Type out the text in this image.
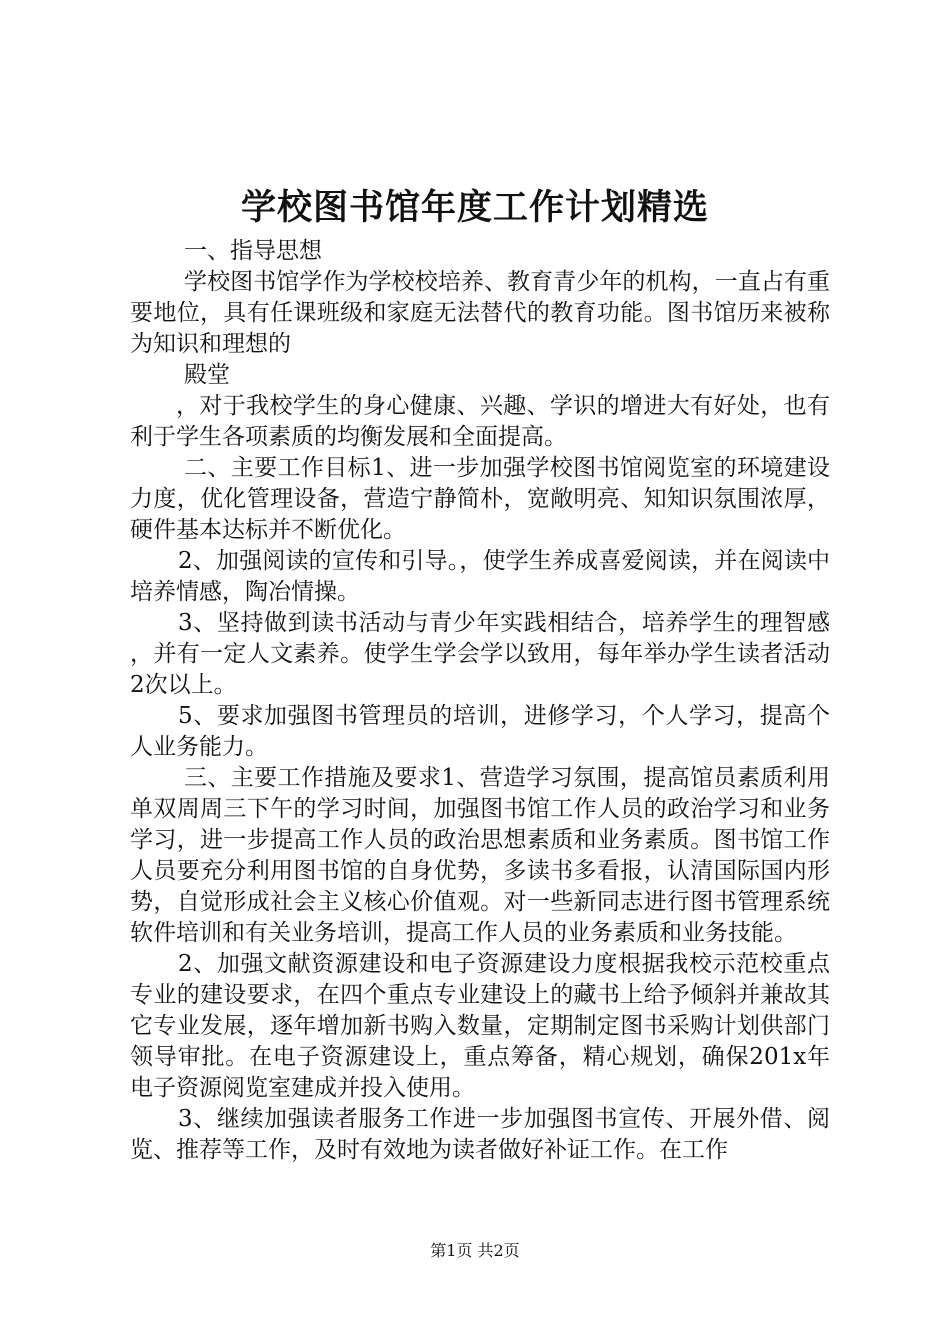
学校图书馆年度工作计划精选

一、指导思想

学校图书馆学作为学校校培养、教育青少年的机构，一直占有重要地位，具有任课班级和家庭无法替代的教育功能。图书馆历来被称为知识和理想的

殿堂

，对于我校学生的身心健康、兴趣、学识的增进大有好处，也有利于学生各项素质的均衡发展和全面提高。

二、主要工作目标1、进一步加强学校图书馆阅览室的环境建设力度，优化管理设备，营造宁静简朴，宽敞明亮、知知识氛围浓厚，硬件基本达标并不断优化。

2、加强阅读的宣传和引导。，使学生养成喜爱阅读，并在阅读中培养情感，陶冶情操。

3、坚持做到读书活动与青少年实践相结合，培养学生的理智感，并有一定人文素养。使学生学会学以致用，每年举办学生读者活动2次以上。

5、要求加强图书管理员的培训，进修学习，个人学习，提高个人业务能力。

三、主要工作措施及要求1、营造学习氛围，提高馆员素质利用单双周周三下午的学习时间，加强图书馆工作人员的政治学习和业务学习，进一步提高工作人员的政治思想素质和业务素质。图书馆工作人员要充分利用图书馆的自身优势，多读书多看报，认清国际国内形势，自觉形成社会主义核心价值观。对一些新同志进行图书管理系统软件培训和有关业务培训，提高工作人员的业务素质和业务技能。

2、加强文献资源建设和电子资源建设力度根据我校示范校重点专业的建设要求，在四个重点专业建设上的藏书上给予倾斜并兼故其它专业发展，逐年增加新书购入数量，定期制定图书采购计划供部门领导审批。在电子资源建设上，重点筹备，精心规划，确保201x年电子资源阅览室建成并投入使用。

3、继续加强读者服务工作进一步加强图书宣传、开展外借、阅览、推荐等工作，及时有效地为读者做好补证工作。在工作

第1页 共2页
